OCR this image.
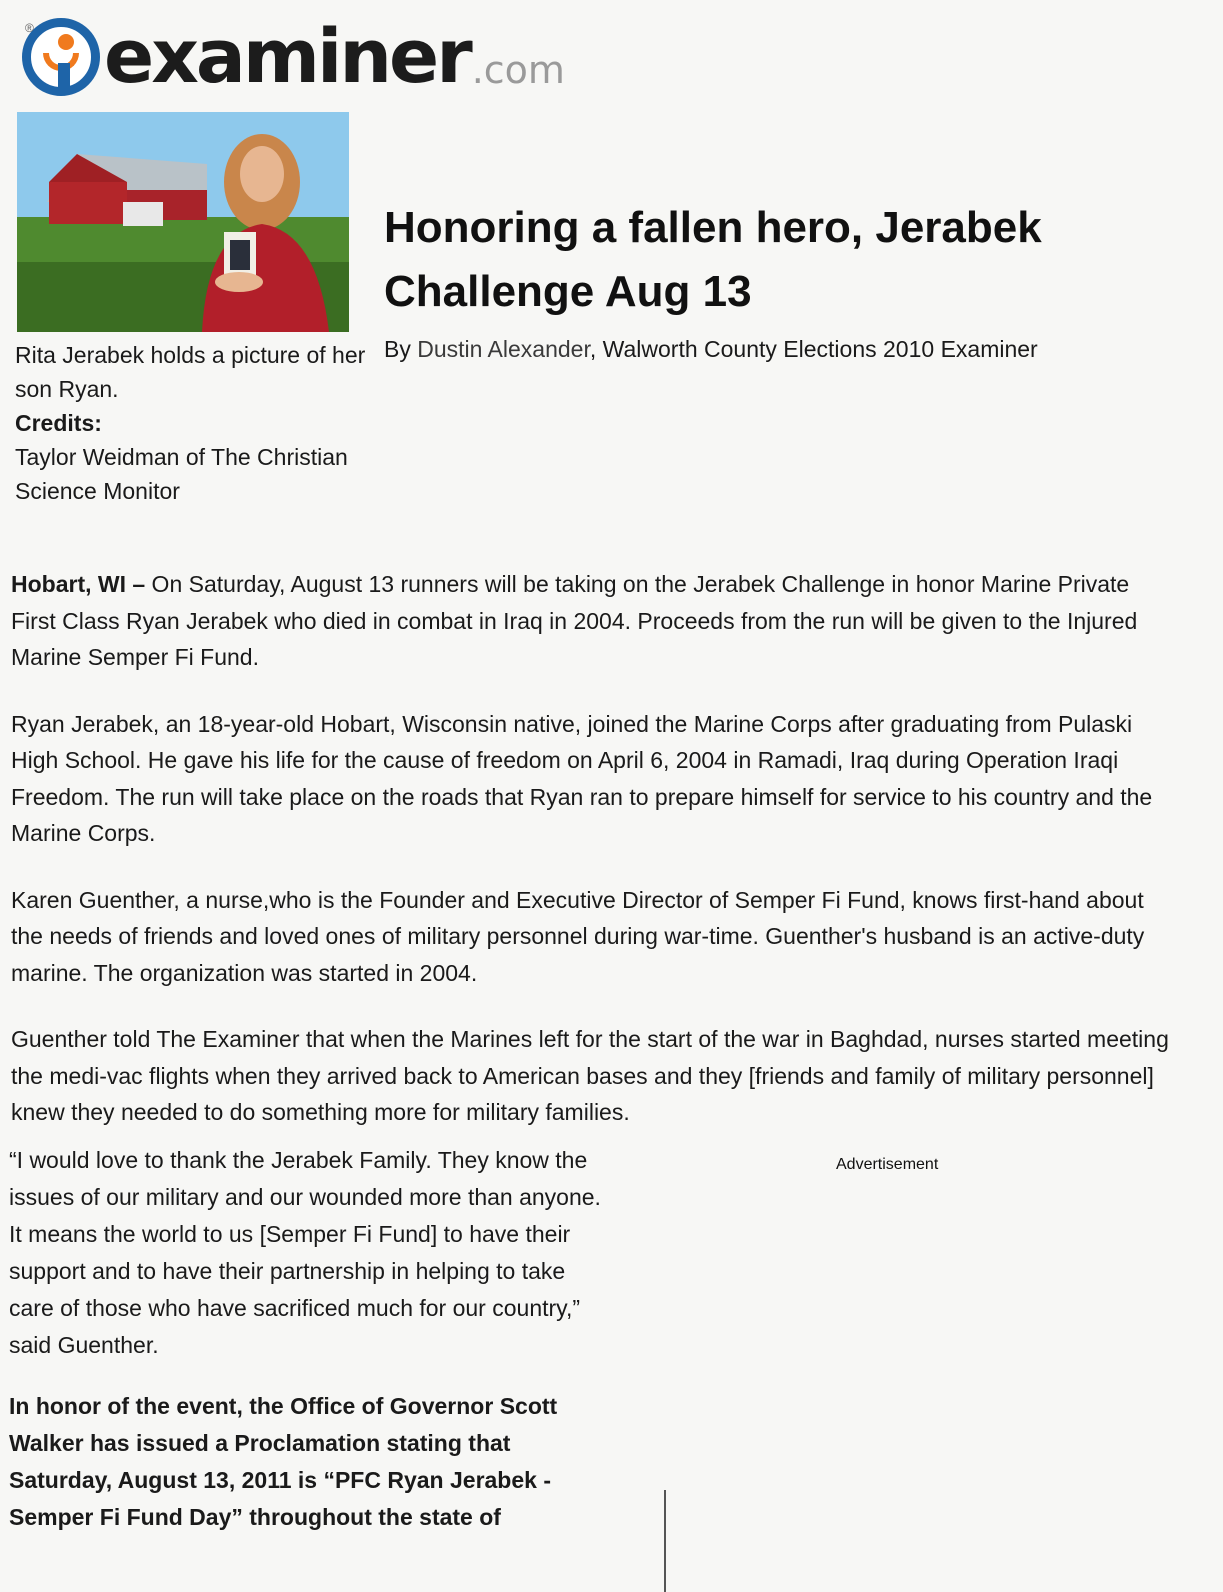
® examiner .com
Rita Jerabek holds a picture of her son Ryan.
Credits:
Taylor Weidman of The Christian Science Monitor
Honoring a fallen hero, Jerabek Challenge Aug 13
By Dustin Alexander, Walworth County Elections 2010 Examiner

Hobart, WI – On Saturday, August 13 runners will be taking on the Jerabek Challenge in honor Marine Private First Class Ryan Jerabek who died in combat in Iraq in 2004. Proceeds from the run will be given to the Injured Marine Semper Fi Fund.

Ryan Jerabek, an 18-year-old Hobart, Wisconsin native, joined the Marine Corps after graduating from Pulaski High School. He gave his life for the cause of freedom on April 6, 2004 in Ramadi, Iraq during Operation Iraqi Freedom. The run will take place on the roads that Ryan ran to prepare himself for service to his country and the Marine Corps.

Karen Guenther, a nurse,who is the Founder and Executive Director of Semper Fi Fund, knows first-hand about the needs of friends and loved ones of military personnel during war-time. Guenther's husband is an active-duty marine. The organization was started in 2004.

Guenther told The Examiner that when the Marines left for the start of the war in Baghdad, nurses started meeting the medi-vac flights when they arrived back to American bases and they [friends and family of military personnel] knew they needed to do something more for military families.

“I would love to thank the Jerabek Family. They know the issues of our military and our wounded more than anyone. It means the world to us [Semper Fi Fund] to have their support and to have their partnership in helping to take care of those who have sacrificed much for our country,” said Guenther.

In honor of the event, the Office of Governor Scott Walker has issued a Proclamation stating that Saturday, August 13, 2011 is “PFC Ryan Jerabek - Semper Fi Fund Day” throughout the state of

Advertisement
